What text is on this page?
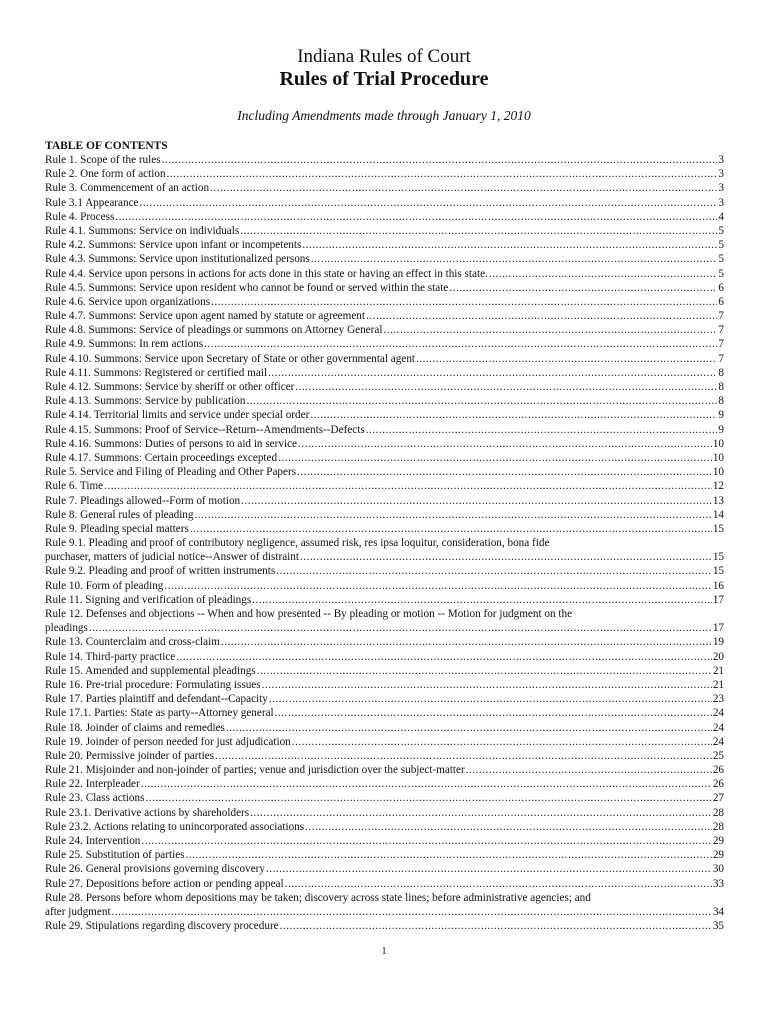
Indiana Rules of Court
Rules of Trial Procedure
Including Amendments made through January 1, 2010
TABLE OF CONTENTS
Rule 1. Scope of the rules .....	3
Rule 2. One form of action .....	3
Rule 3. Commencement of an action .....	3
Rule 3.1 Appearance .....	3
Rule 4. Process .....	4
Rule 4.1. Summons: Service on individuals .....	5
Rule 4.2. Summons: Service upon infant or incompetents .....	5
Rule 4.3. Summons: Service upon institutionalized persons .....	5
Rule 4.4. Service upon persons in actions for acts done in this state or having an effect in this state. .....	5
Rule 4.5. Summons: Service upon resident who cannot be found or served within the state .....	6
Rule 4.6. Service upon organizations .....	6
Rule 4.7. Summons: Service upon agent named by statute or agreement .....	7
Rule 4.8. Summons: Service of pleadings or summons on Attorney General .....	7
Rule 4.9. Summons: In rem actions .....	7
Rule 4.10. Summons: Service upon Secretary of State or other governmental agent .....	7
Rule 4.11. Summons: Registered or certified mail .....	8
Rule 4.12. Summons: Service by sheriff or other officer .....	8
Rule 4.13. Summons: Service by publication .....	8
Rule 4.14. Territorial limits and service under special order .....	9
Rule 4.15. Summons: Proof of Service--Return--Amendments--Defects .....	9
Rule 4.16. Summons: Duties of persons to aid in service .....	10
Rule 4.17. Summons: Certain proceedings excepted .....	10
Rule 5. Service and Filing of Pleading and Other Papers .....	10
Rule 6. Time .....	12
Rule 7. Pleadings allowed--Form of motion .....	13
Rule 8. General rules of pleading .....	14
Rule 9. Pleading special matters .....	15
Rule 9.1. Pleading and proof of contributory negligence, assumed risk, res ipsa loquitur, consideration, bona fide
purchaser, matters of judicial notice--Answer of distraint .....	15
Rule 9.2. Pleading and proof of written instruments .....	15
Rule 10. Form of pleading .....	16
Rule 11. Signing and verification of pleadings .....	17
Rule 12. Defenses and objections -- When and how presented -- By pleading or motion -- Motion for judgment on the
pleadings .....	17
Rule 13. Counterclaim and cross-claim .....	19
Rule 14. Third-party practice .....	20
Rule 15. Amended and supplemental pleadings .....	21
Rule 16. Pre-trial procedure: Formulating issues .....	21
Rule 17. Parties plaintiff and defendant--Capacity .....	23
Rule 17.1. Parties: State as party--Attorney general .....	24
Rule 18. Joinder of claims and remedies .....	24
Rule 19. Joinder of person needed for just adjudication .....	24
Rule 20. Permissive joinder of parties .....	25
Rule 21. Misjoinder and non-joinder of parties; venue and jurisdiction over the subject-matter .....	26
Rule 22. Interpleader .....	26
Rule 23. Class actions .....	27
Rule 23.1. Derivative actions by shareholders .....	28
Rule 23.2. Actions relating to unincorporated associations .....	28
Rule 24. Intervention .....	29
Rule 25. Substitution of parties .....	29
Rule 26. General provisions governing discovery .....	30
Rule 27. Depositions before action or pending appeal .....	33
Rule 28. Persons before whom depositions may be taken; discovery across state lines; before administrative agencies; and
after judgment .....	34
Rule 29. Stipulations regarding discovery procedure .....	35
1
